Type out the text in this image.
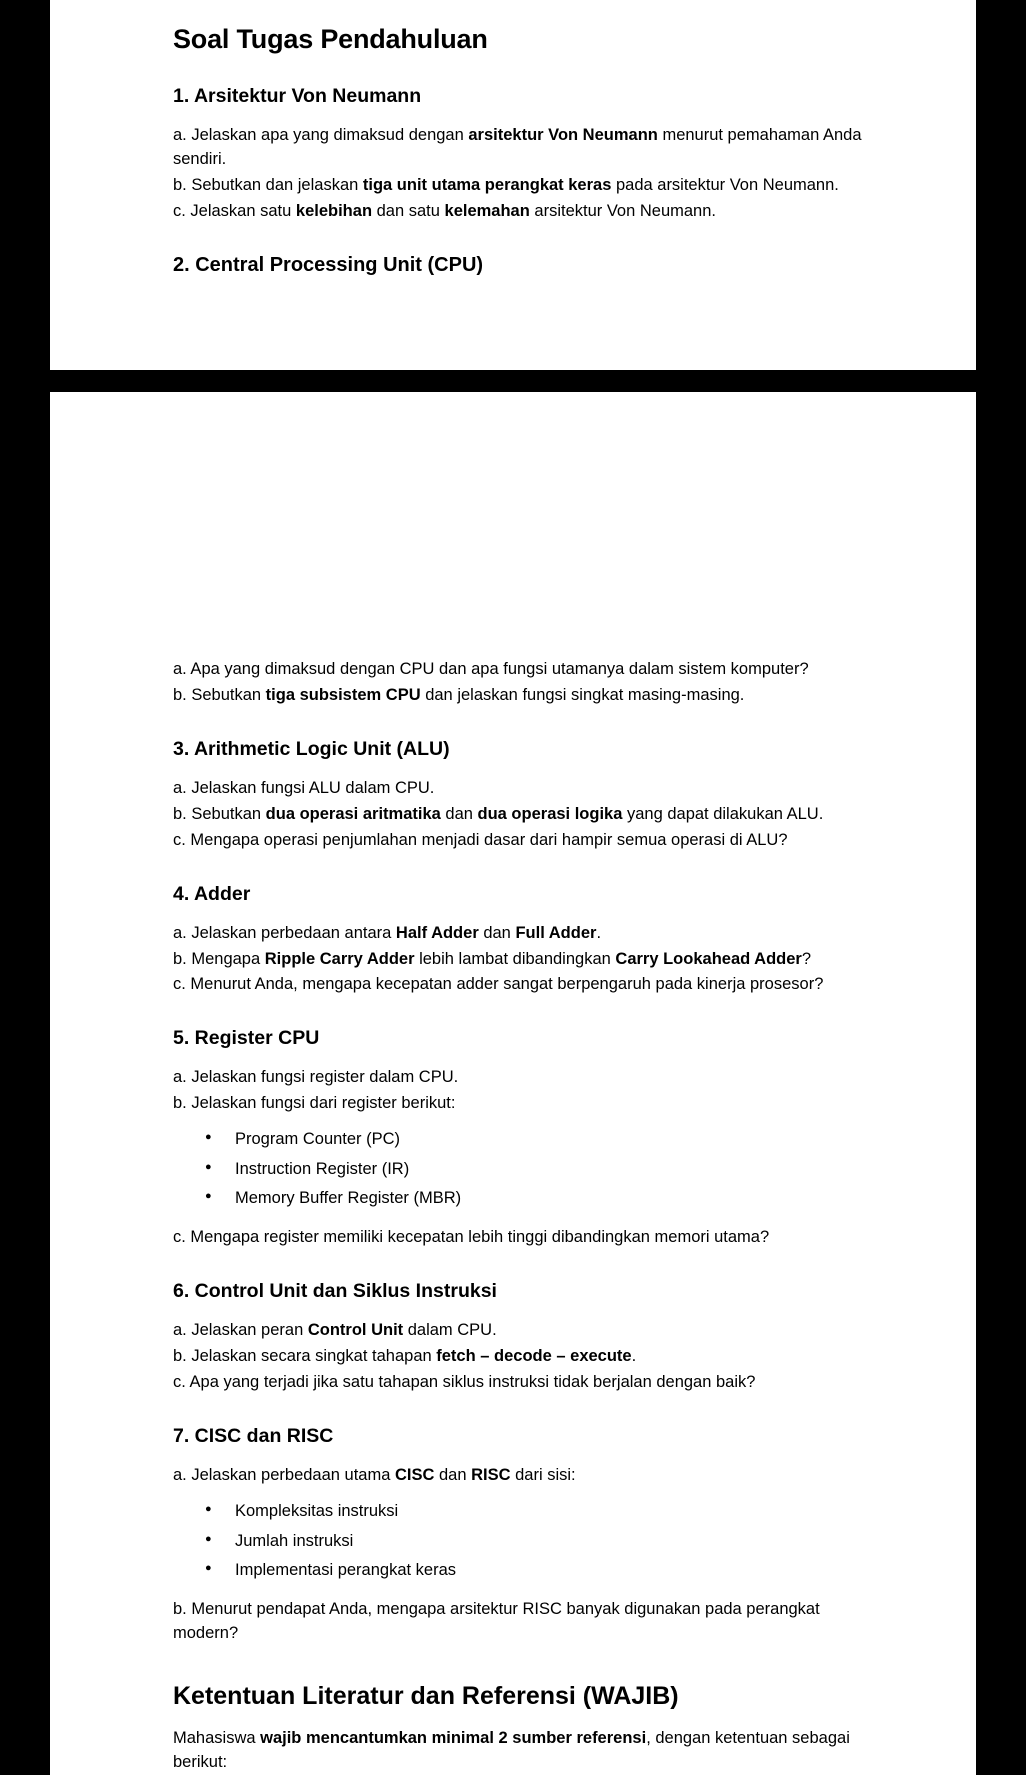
Soal Tugas Pendahuluan
1. Arsitektur Von Neumann

a. Jelaskan apa yang dimaksud dengan arsitektur Von Neumann menurut pemahaman Anda sendiri.

b. Sebutkan dan jelaskan tiga unit utama perangkat keras pada arsitektur Von Neumann.

c. Jelaskan satu kelebihan dan satu kelemahan arsitektur Von Neumann.

2. Central Processing Unit (CPU)

a. Apa yang dimaksud dengan CPU dan apa fungsi utamanya dalam sistem komputer?

b. Sebutkan tiga subsistem CPU dan jelaskan fungsi singkat masing-masing.

3. Arithmetic Logic Unit (ALU)

a. Jelaskan fungsi ALU dalam CPU.

b. Sebutkan dua operasi aritmatika dan dua operasi logika yang dapat dilakukan ALU.

c. Mengapa operasi penjumlahan menjadi dasar dari hampir semua operasi di ALU?

4. Adder

a. Jelaskan perbedaan antara Half Adder dan Full Adder.

b. Mengapa Ripple Carry Adder lebih lambat dibandingkan Carry Lookahead Adder?

c. Menurut Anda, mengapa kecepatan adder sangat berpengaruh pada kinerja prosesor?

5. Register CPU

a. Jelaskan fungsi register dalam CPU.

b. Jelaskan fungsi dari register berikut:

● Program Counter (PC)
● Instruction Register (IR)
● Memory Buffer Register (MBR)

c. Mengapa register memiliki kecepatan lebih tinggi dibandingkan memori utama?

6. Control Unit dan Siklus Instruksi

a. Jelaskan peran Control Unit dalam CPU.

b. Jelaskan secara singkat tahapan fetch – decode – execute.

c. Apa yang terjadi jika satu tahapan siklus instruksi tidak berjalan dengan baik?

7. CISC dan RISC

a. Jelaskan perbedaan utama CISC dan RISC dari sisi:

● Kompleksitas instruksi
● Jumlah instruksi
● Implementasi perangkat keras

b. Menurut pendapat Anda, mengapa arsitektur RISC banyak digunakan pada perangkat modern?

Ketentuan Literatur dan Referensi (WAJIB)

Mahasiswa wajib mencantumkan minimal 2 sumber referensi, dengan ketentuan sebagai berikut:
